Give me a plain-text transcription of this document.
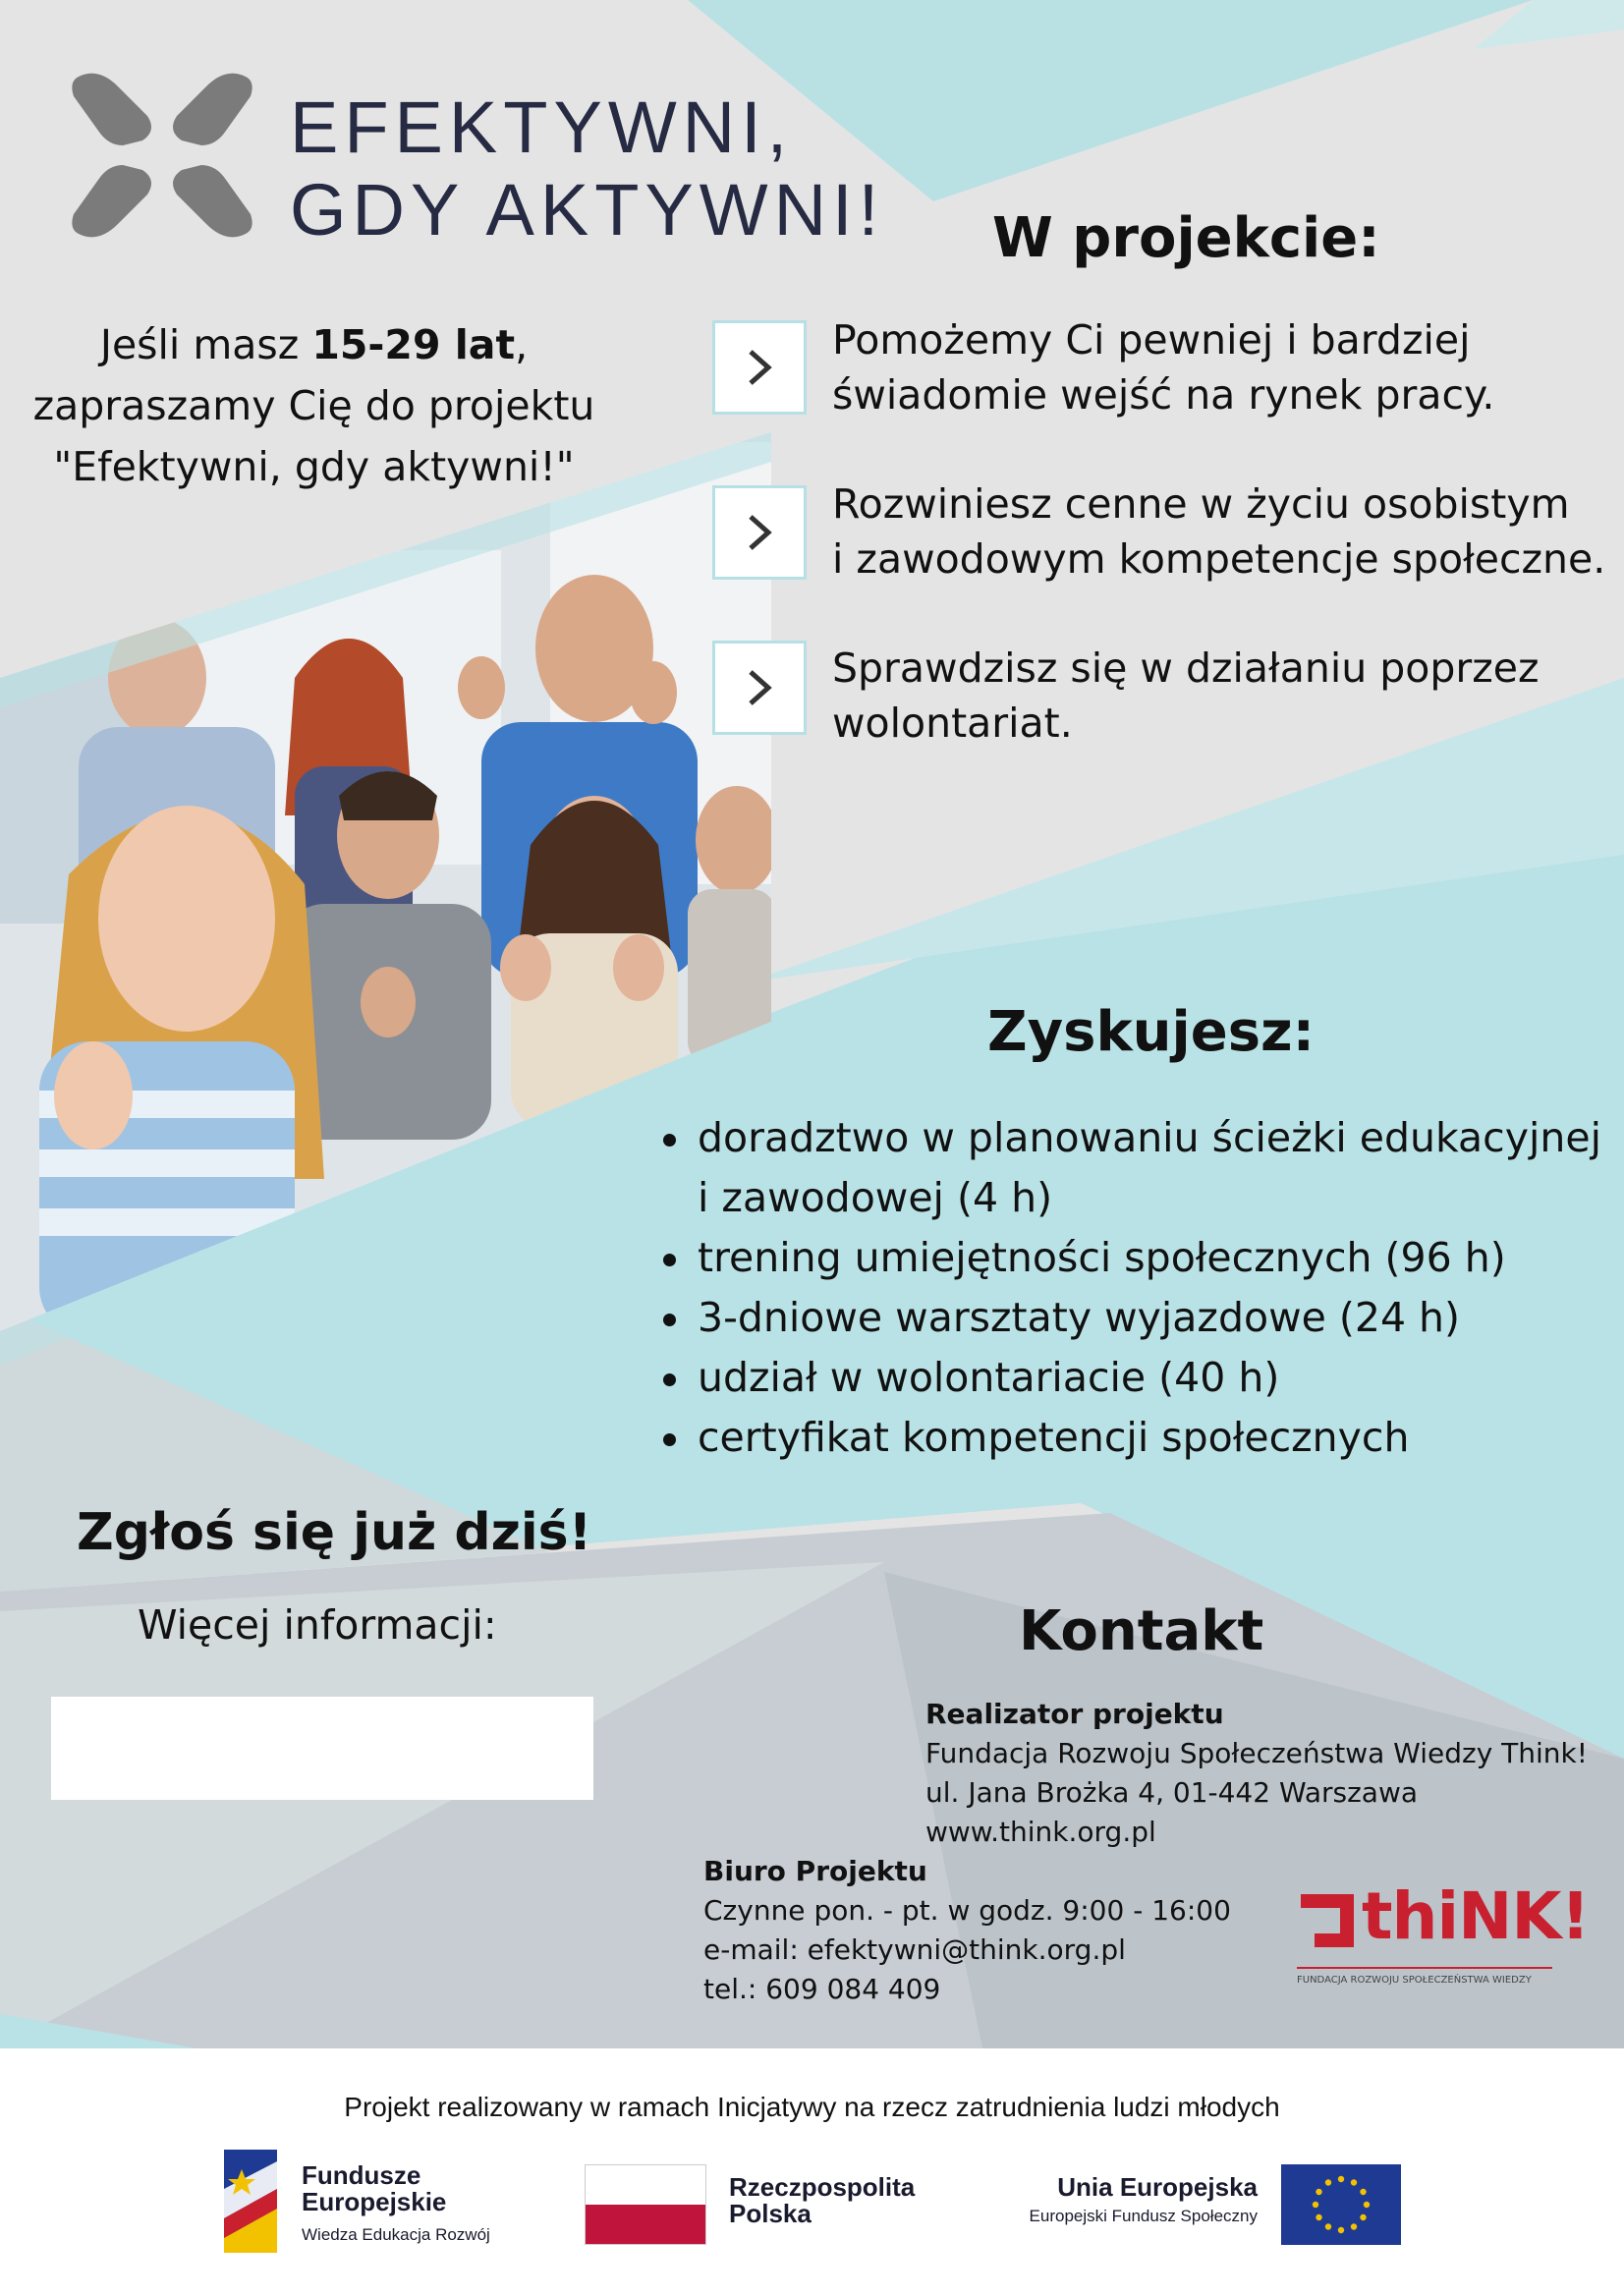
EFEKTYWNI,
GDY AKTYWNI!
Jeśli masz 15-29 lat,
zapraszamy Cię do projektu
"Efektywni, gdy aktywni!"
W projekcie:
Pomożemy Ci pewniej i bardziej
świadomie wejść na rynek pracy.
Rozwiniesz cenne w życiu osobistym
i zawodowym kompetencje społeczne.
Sprawdzisz się w działaniu poprzez
wolontariat.
Zyskujesz:
doradztwo w planowaniu ścieżki edukacyjnej i zawodowej (4 h)
trening umiejętności społecznych (96 h)
3-dniowe warsztaty wyjazdowe (24 h)
udział w wolontariacie (40 h)
certyfikat kompetencji społecznych
Zgłoś się już dziś!
Więcej informacji:	Kontakt
Realizator projektu
Fundacja Rozwoju Społeczeństwa Wiedzy Think!
ul. Jana Brożka 4, 01-442 Warszawa
www.think.org.pl
Biuro Projektu
Czynne pon. - pt. w godz. 9:00 - 16:00
e-mail: efektywni@think.org.pl
tel.: 609 084 409
thiNK!
FUNDACJA ROZWOJU SPOŁECZEŃSTWA WIEDZY
Projekt realizowany w ramach Inicjatywy na rzecz zatrudnienia ludzi młodych
Fundusze
Europejskie
Wiedza Edukacja Rozwój
Rzeczpospolita
Polska
Unia Europejska
Europejski Fundusz Społeczny
